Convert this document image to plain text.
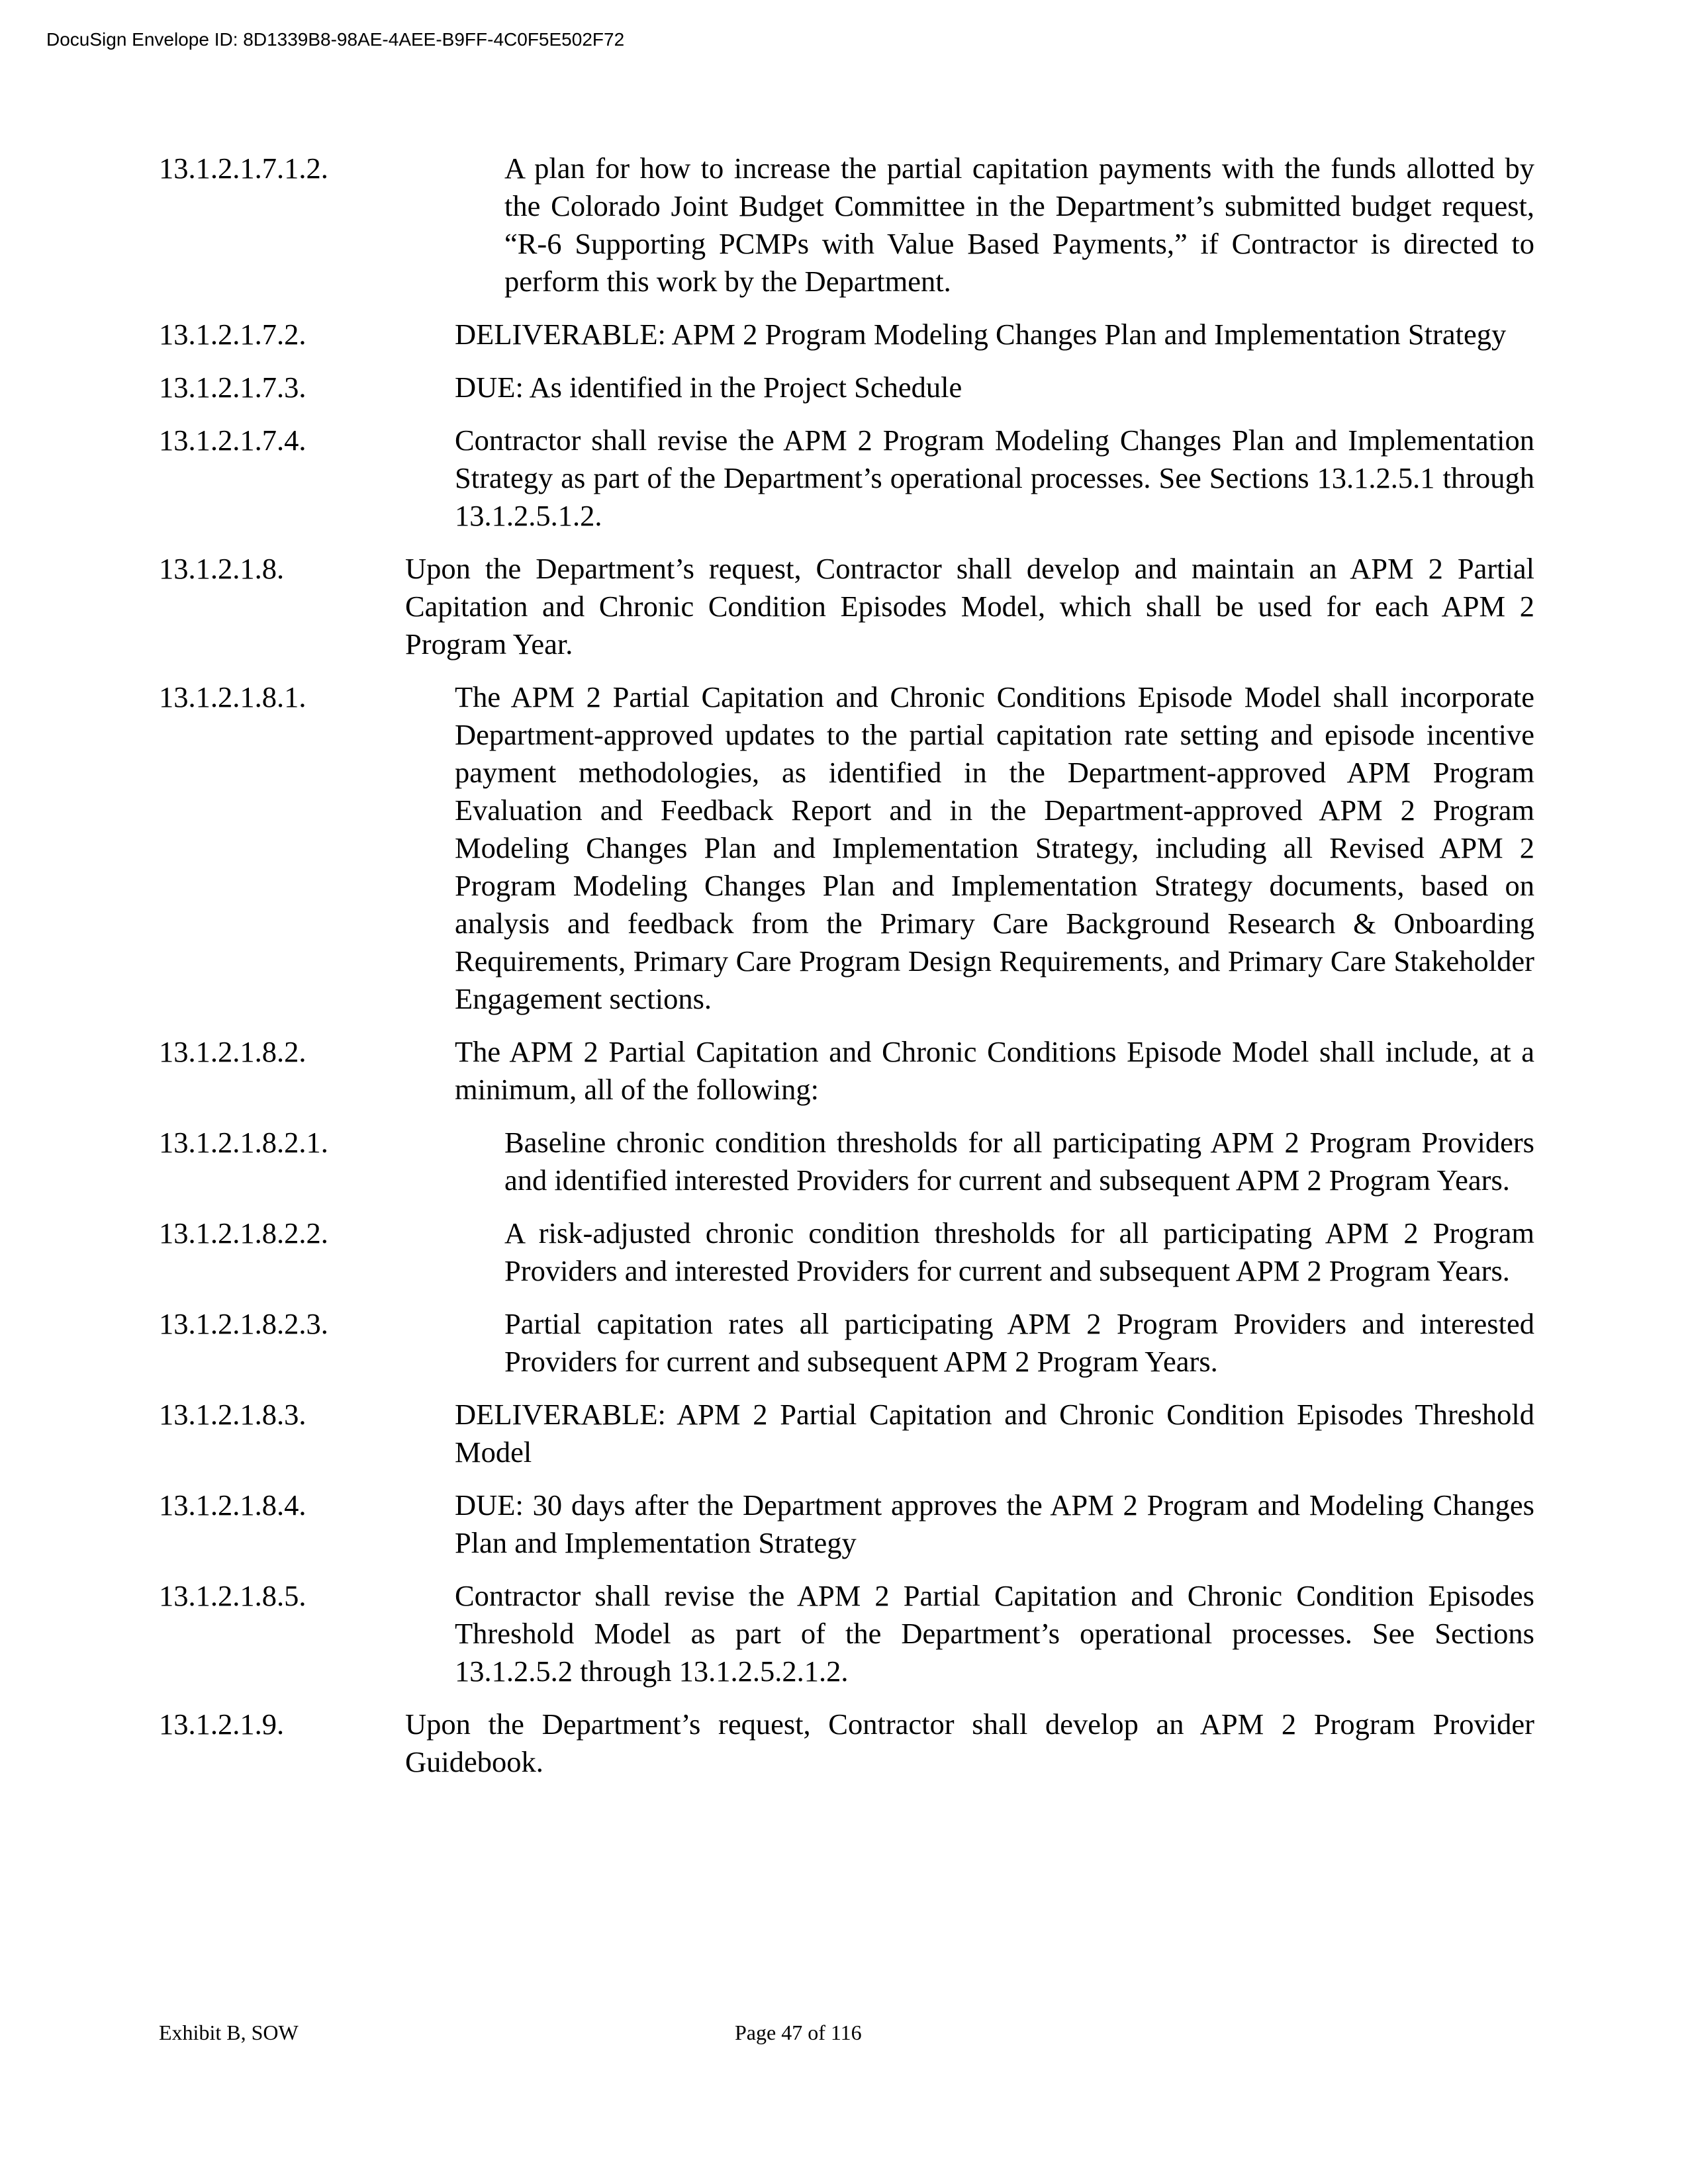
DocuSign Envelope ID: 8D1339B8-98AE-4AEE-B9FF-4C0F5E502F72
13.1.2.1.7.1.2.	A plan for how to increase the partial capitation payments with the funds allotted by the Colorado Joint Budget Committee in the Department’s submitted budget request, “R-6 Supporting PCMPs with Value Based Payments,” if Contractor is directed to perform this work by the Department.
13.1.2.1.7.2.	DELIVERABLE: APM 2 Program Modeling Changes Plan and Implementation Strategy
13.1.2.1.7.3.	DUE: As identified in the Project Schedule
13.1.2.1.7.4.	Contractor shall revise the APM 2 Program Modeling Changes Plan and Implementation Strategy as part of the Department’s operational processes. See Sections 13.1.2.5.1 through 13.1.2.5.1.2.
13.1.2.1.8.	Upon the Department’s request, Contractor shall develop and maintain an APM 2 Partial Capitation and Chronic Condition Episodes Model, which shall be used for each APM 2 Program Year.
13.1.2.1.8.1.	The APM 2 Partial Capitation and Chronic Conditions Episode Model shall incorporate Department-approved updates to the partial capitation rate setting and episode incentive payment methodologies, as identified in the Department-approved APM Program Evaluation and Feedback Report and in the Department-approved APM 2 Program Modeling Changes Plan and Implementation Strategy, including all Revised APM 2 Program Modeling Changes Plan and Implementation Strategy documents, based on analysis and feedback from the Primary Care Background Research & Onboarding Requirements, Primary Care Program Design Requirements, and Primary Care Stakeholder Engagement sections.
13.1.2.1.8.2.	The APM 2 Partial Capitation and Chronic Conditions Episode Model shall include, at a minimum, all of the following:
13.1.2.1.8.2.1.	Baseline chronic condition thresholds for all participating APM 2 Program Providers and identified interested Providers for current and subsequent APM 2 Program Years.
13.1.2.1.8.2.2.	A risk-adjusted chronic condition thresholds for all participating APM 2 Program Providers and interested Providers for current and subsequent APM 2 Program Years.
13.1.2.1.8.2.3.	Partial capitation rates all participating APM 2 Program Providers and interested Providers for current and subsequent APM 2 Program Years.
13.1.2.1.8.3.	DELIVERABLE: APM 2 Partial Capitation and Chronic Condition Episodes Threshold Model
13.1.2.1.8.4.	DUE: 30 days after the Department approves the APM 2 Program and Modeling Changes Plan and Implementation Strategy
13.1.2.1.8.5.	Contractor shall revise the APM 2 Partial Capitation and Chronic Condition Episodes Threshold Model as part of the Department’s operational processes. See Sections 13.1.2.5.2 through 13.1.2.5.2.1.2.
13.1.2.1.9.	Upon the Department’s request, Contractor shall develop an APM 2 Program Provider Guidebook.
Exhibit B, SOW	Page 47 of 116
